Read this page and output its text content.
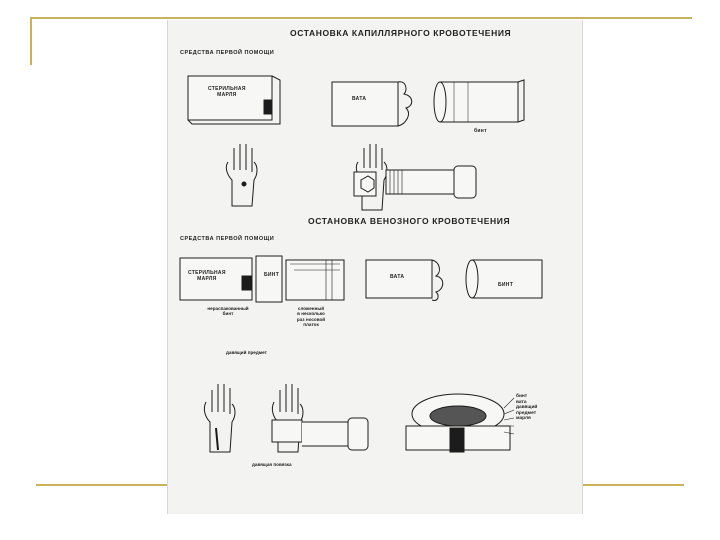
ОСТАНОВКА КАПИЛЛЯРНОГО КРОВОТЕЧЕНИЯ
СРЕДСТВА ПЕРВОЙ ПОМОЩИ
СТЕРИЛЬНАЯ
МАРЛЯ
ВАТА
бинт
ОСТАНОВКА ВЕНОЗНОГО КРОВОТЕЧЕНИЯ
СРЕДСТВА ПЕРВОЙ ПОМОЩИ
СТЕРИЛЬНАЯ
МАРЛЯ
БИНТ	ВАТА
БИНТ
нераспакованный
бинт
сложенный
в несколько
раз носовой
платок
давящий предмет
давящая повязка
бинт
вата
давящий
предмет
марля
